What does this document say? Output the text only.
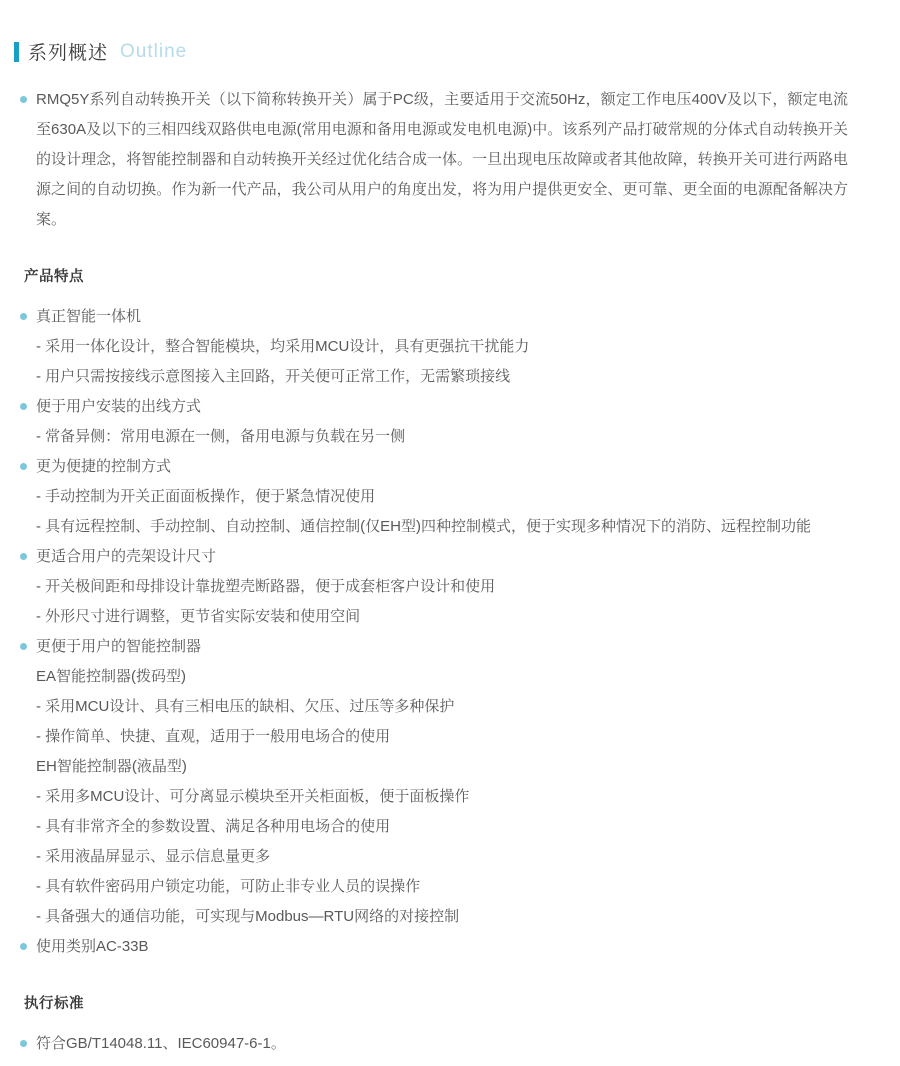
系列概述 Outline

RMQ5Y系列自动转换开关（以下简称转换开关）属于PC级，主要适用于交流50Hz，额定工作电压400V及以下，额定电流至630A及以下的三相四线双路供电电源(常用电源和备用电源或发电机电源)中。该系列产品打破常规的分体式自动转换开关的设计理念，将智能控制器和自动转换开关经过优化结合成一体。一旦出现电压故障或者其他故障，转换开关可进行两路电源之间的自动切换。作为新一代产品，我公司从用户的角度出发，将为用户提供更安全、更可靠、更全面的电源配备解决方案。

产品特点
真正智能一体机
- 采用一体化设计，整合智能模块，均采用MCU设计，具有更强抗干扰能力
- 用户只需按接线示意图接入主回路，开关便可正常工作，无需繁琐接线
便于用户安装的出线方式
- 常备异侧：常用电源在一侧，备用电源与负载在另一侧
更为便捷的控制方式
- 手动控制为开关正面面板操作，便于紧急情况使用
- 具有远程控制、手动控制、自动控制、通信控制(仅EH型)四种控制模式，便于实现多种情况下的消防、远程控制功能
更适合用户的壳架设计尺寸
- 开关极间距和母排设计靠拢塑壳断路器，便于成套柜客户设计和使用
- 外形尺寸进行调整，更节省实际安装和使用空间
更便于用户的智能控制器
EA智能控制器(拨码型)
- 采用MCU设计、具有三相电压的缺相、欠压、过压等多种保护
- 操作简单、快捷、直观，适用于一般用电场合的使用
EH智能控制器(液晶型)
- 采用多MCU设计、可分离显示模块至开关柜面板，便于面板操作
- 具有非常齐全的参数设置、满足各种用电场合的使用
- 采用液晶屏显示、显示信息量更多
- 具有软件密码用户锁定功能，可防止非专业人员的误操作
- 具备强大的通信功能，可实现与Modbus—RTU网络的对接控制
使用类别AC-33B
执行标准
符合GB/T14048.11、IEC60947-6-1。
